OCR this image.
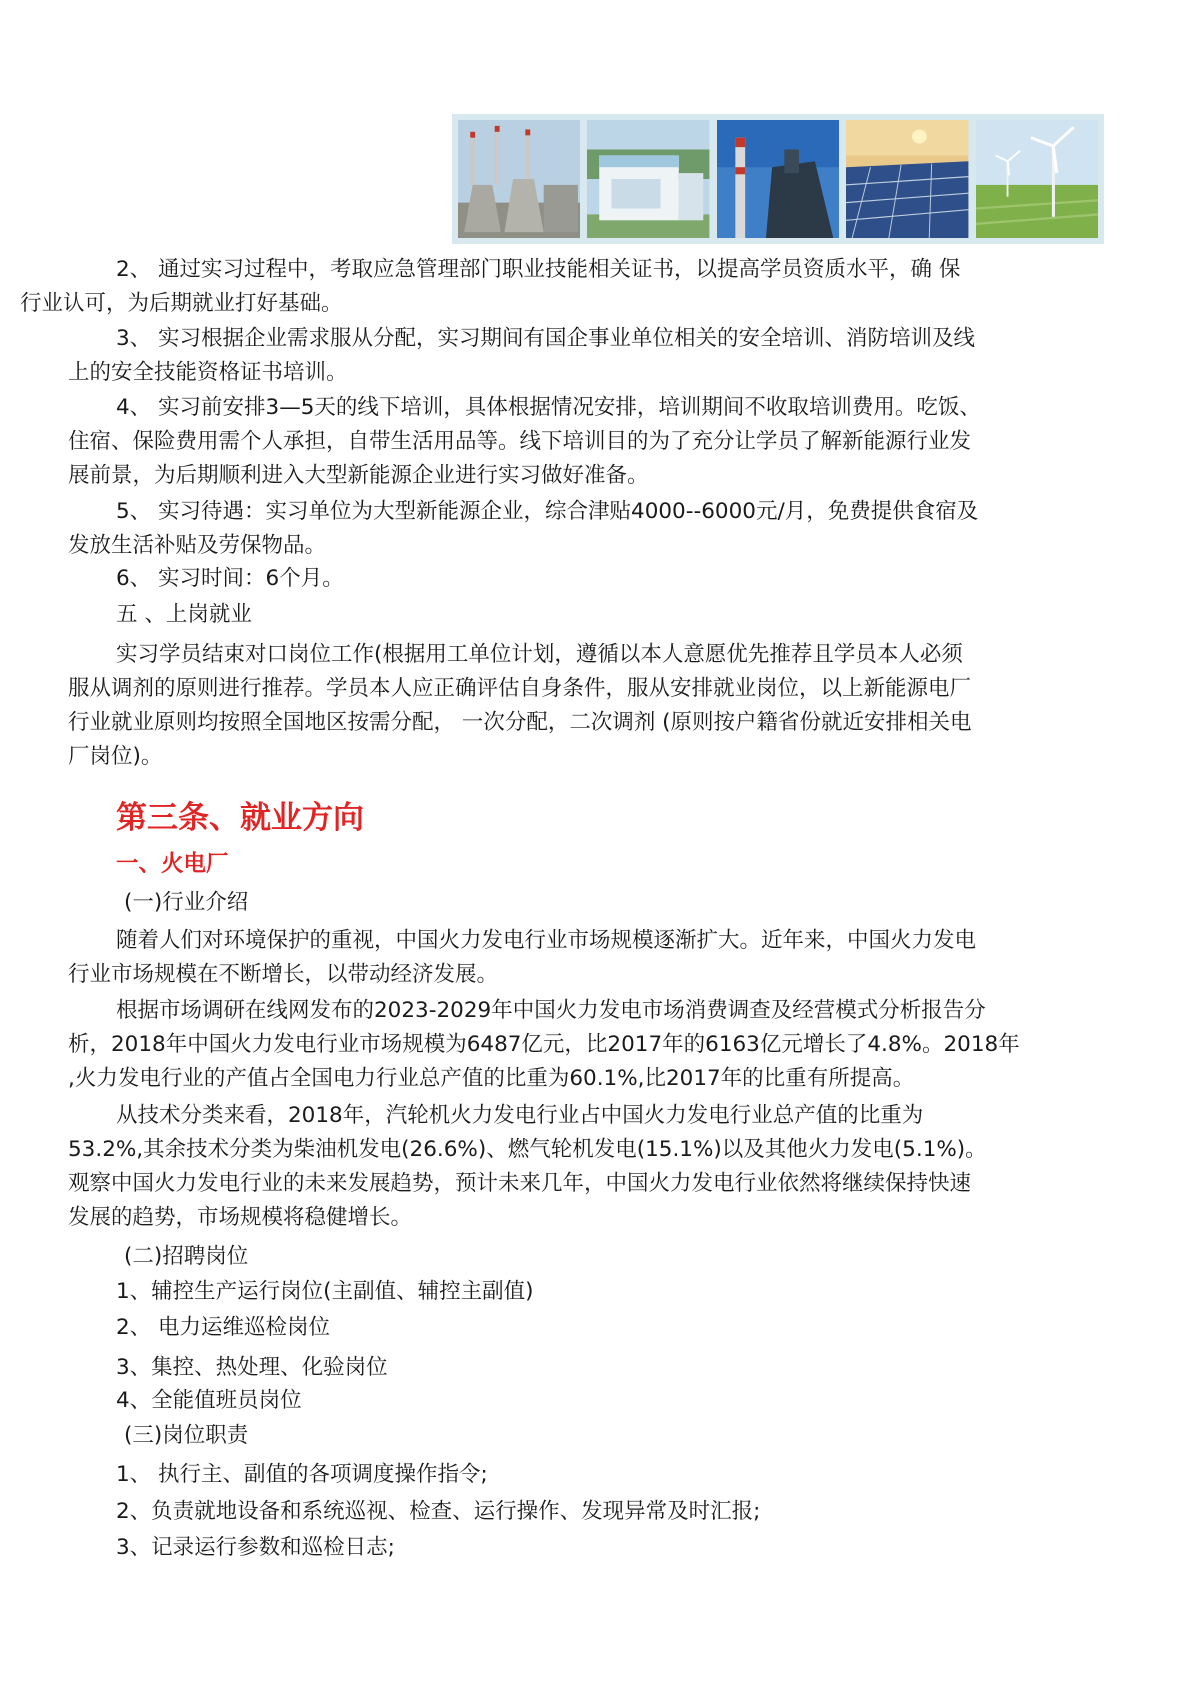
2、 通过实习过程中，考取应急管理部门职业技能相关证书，以提高学员资质水平，确 保
行业认可，为后期就业打好基础。

3、 实习根据企业需求服从分配，实习期间有国企事业单位相关的安全培训、消防培训及线
上的安全技能资格证书培训。

4、 实习前安排3—5天的线下培训，具体根据情况安排，培训期间不收取培训费用。吃饭、
住宿、保险费用需个人承担，自带生活用品等。线下培训目的为了充分让学员了解新能源行业发
展前景，为后期顺利进入大型新能源企业进行实习做好准备。

5、 实习待遇：实习单位为大型新能源企业，综合津贴4000--6000元/月，免费提供食宿及
发放生活补贴及劳保物品。

6、 实习时间：6个月。

五 、上岗就业

实习学员结束对口岗位工作(根据用工单位计划，遵循以本人意愿优先推荐且学员本人必须
服从调剂的原则进行推荐。学员本人应正确评估自身条件，服从安排就业岗位，以上新能源电厂
行业就业原则均按照全国地区按需分配， 一次分配，二次调剂 (原则按户籍省份就近安排相关电
厂岗位)。

第三条、就业方向
一、火电厂

(一)行业介绍

随着人们对环境保护的重视，中国火力发电行业市场规模逐渐扩大。近年来，中国火力发电
行业市场规模在不断增长，以带动经济发展。

根据市场调研在线网发布的2023-2029年中国火力发电市场消费调查及经营模式分析报告分
析，2018年中国火力发电行业市场规模为6487亿元，比2017年的6163亿元增长了4.8%。2018年
,火力发电行业的产值占全国电力行业总产值的比重为60.1%,比2017年的比重有所提高。

从技术分类来看，2018年，汽轮机火力发电行业占中国火力发电行业总产值的比重为
53.2%,其余技术分类为柴油机发电(26.6%)、燃气轮机发电(15.1%)以及其他火力发电(5.1%)。
观察中国火力发电行业的未来发展趋势，预计未来几年，中国火力发电行业依然将继续保持快速
发展的趋势，市场规模将稳健增长。

(二)招聘岗位

1、辅控生产运行岗位(主副值、辅控主副值)

2、 电力运维巡检岗位

3、集控、热处理、化验岗位

4、全能值班员岗位

(三)岗位职责

1、 执行主、副值的各项调度操作指令;

2、负责就地设备和系统巡视、检查、运行操作、发现异常及时汇报;

3、记录运行参数和巡检日志;
